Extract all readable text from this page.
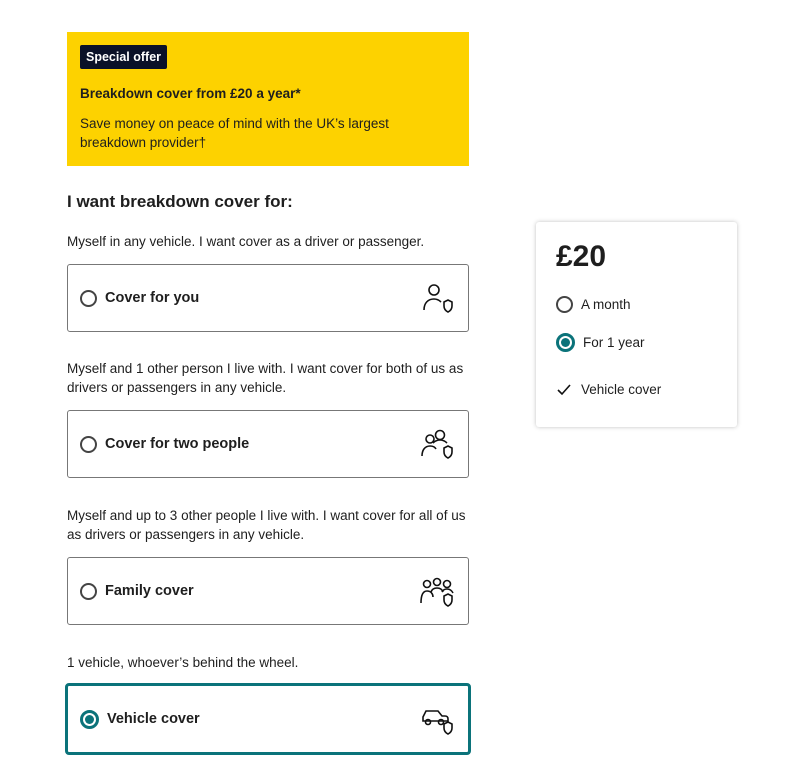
Special offer
Breakdown cover from £20 a year*

Save money on peace of mind with the UK’s largest breakdown provider†

I want breakdown cover for:
Myself in any vehicle. I want cover as a driver or passenger.
Cover for you
Myself and 1 other person I live with. I want cover for both of us as drivers or passengers in any vehicle.
Cover for two people
Myself and up to 3 other people I live with. I want cover for all of us as drivers or passengers in any vehicle.
Family cover
1 vehicle, whoever’s behind the wheel.
Vehicle cover
£20
A month
For 1 year
Vehicle cover
